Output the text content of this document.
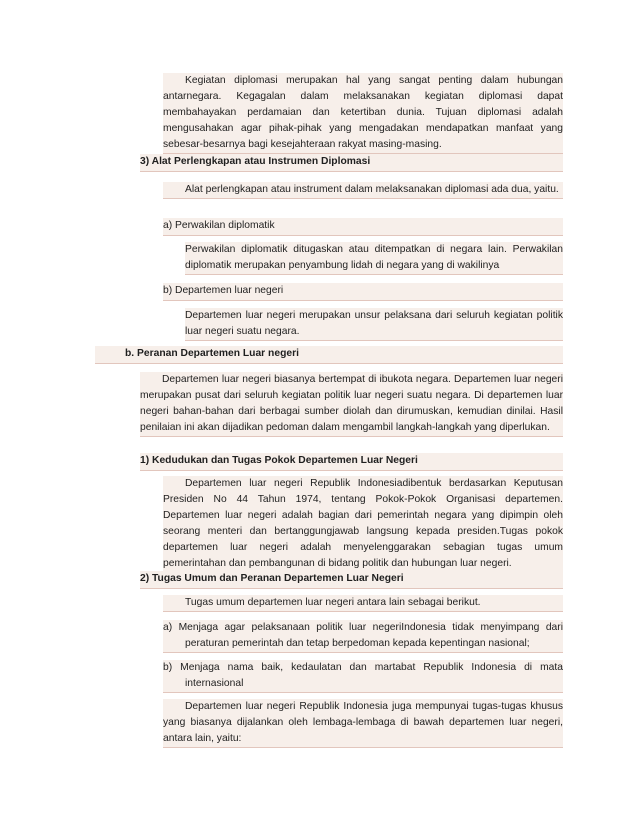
Kegiatan diplomasi merupakan hal yang sangat penting dalam hubungan antarnegara. Kegagalan dalam melaksanakan kegiatan diplomasi dapat membahayakan perdamaian dan ketertiban dunia. Tujuan diplomasi adalah mengusahakan agar pihak-pihak yang mengadakan mendapatkan manfaat yang sebesar-besarnya bagi kesejahteraan rakyat masing-masing.

3) Alat Perlengkapan atau Instrumen Diplomasi

Alat perlengkapan atau instrument dalam melaksanakan diplomasi ada dua, yaitu.

a) Perwakilan diplomatik

Perwakilan diplomatik ditugaskan atau ditempatkan di negara lain. Perwakilan diplomatik merupakan penyambung lidah di negara yang di wakilinya

b) Departemen luar negeri

Departemen luar negeri merupakan unsur pelaksana dari seluruh kegiatan politik luar negeri suatu negara.

b. Peranan Departemen Luar negeri

Departemen luar negeri biasanya bertempat di ibukota negara. Departemen luar negeri merupakan pusat dari seluruh kegiatan politik luar negeri suatu negara. Di departemen luar negeri bahan-bahan dari berbagai sumber diolah dan dirumuskan, kemudian dinilai. Hasil penilaian ini akan dijadikan pedoman dalam mengambil langkah-langkah yang diperlukan.

1) Kedudukan dan Tugas Pokok Departemen Luar Negeri

Departemen luar negeri Republik Indonesiadibentuk berdasarkan Keputusan Presiden No 44 Tahun 1974, tentang Pokok-Pokok Organisasi departemen. Departemen luar negeri adalah bagian dari pemerintah negara yang dipimpin oleh seorang menteri dan bertanggungjawab langsung kepada presiden.Tugas pokok departemen luar negeri adalah menyelenggarakan sebagian tugas umum pemerintahan dan pembangunan di bidang politik dan hubungan luar negeri.

2) Tugas Umum dan Peranan Departemen Luar Negeri

Tugas umum departemen luar negeri antara lain sebagai berikut.

a) Menjaga agar pelaksanaan politik luar negeriIndonesia tidak menyimpang dari peraturan pemerintah dan tetap berpedoman kepada kepentingan nasional;

b) Menjaga nama baik, kedaulatan dan martabat Republik Indonesia di mata internasional

Departemen luar negeri Republik Indonesia juga mempunyai tugas-tugas khusus yang biasanya dijalankan oleh lembaga-lembaga di bawah departemen luar negeri, antara lain, yaitu:
